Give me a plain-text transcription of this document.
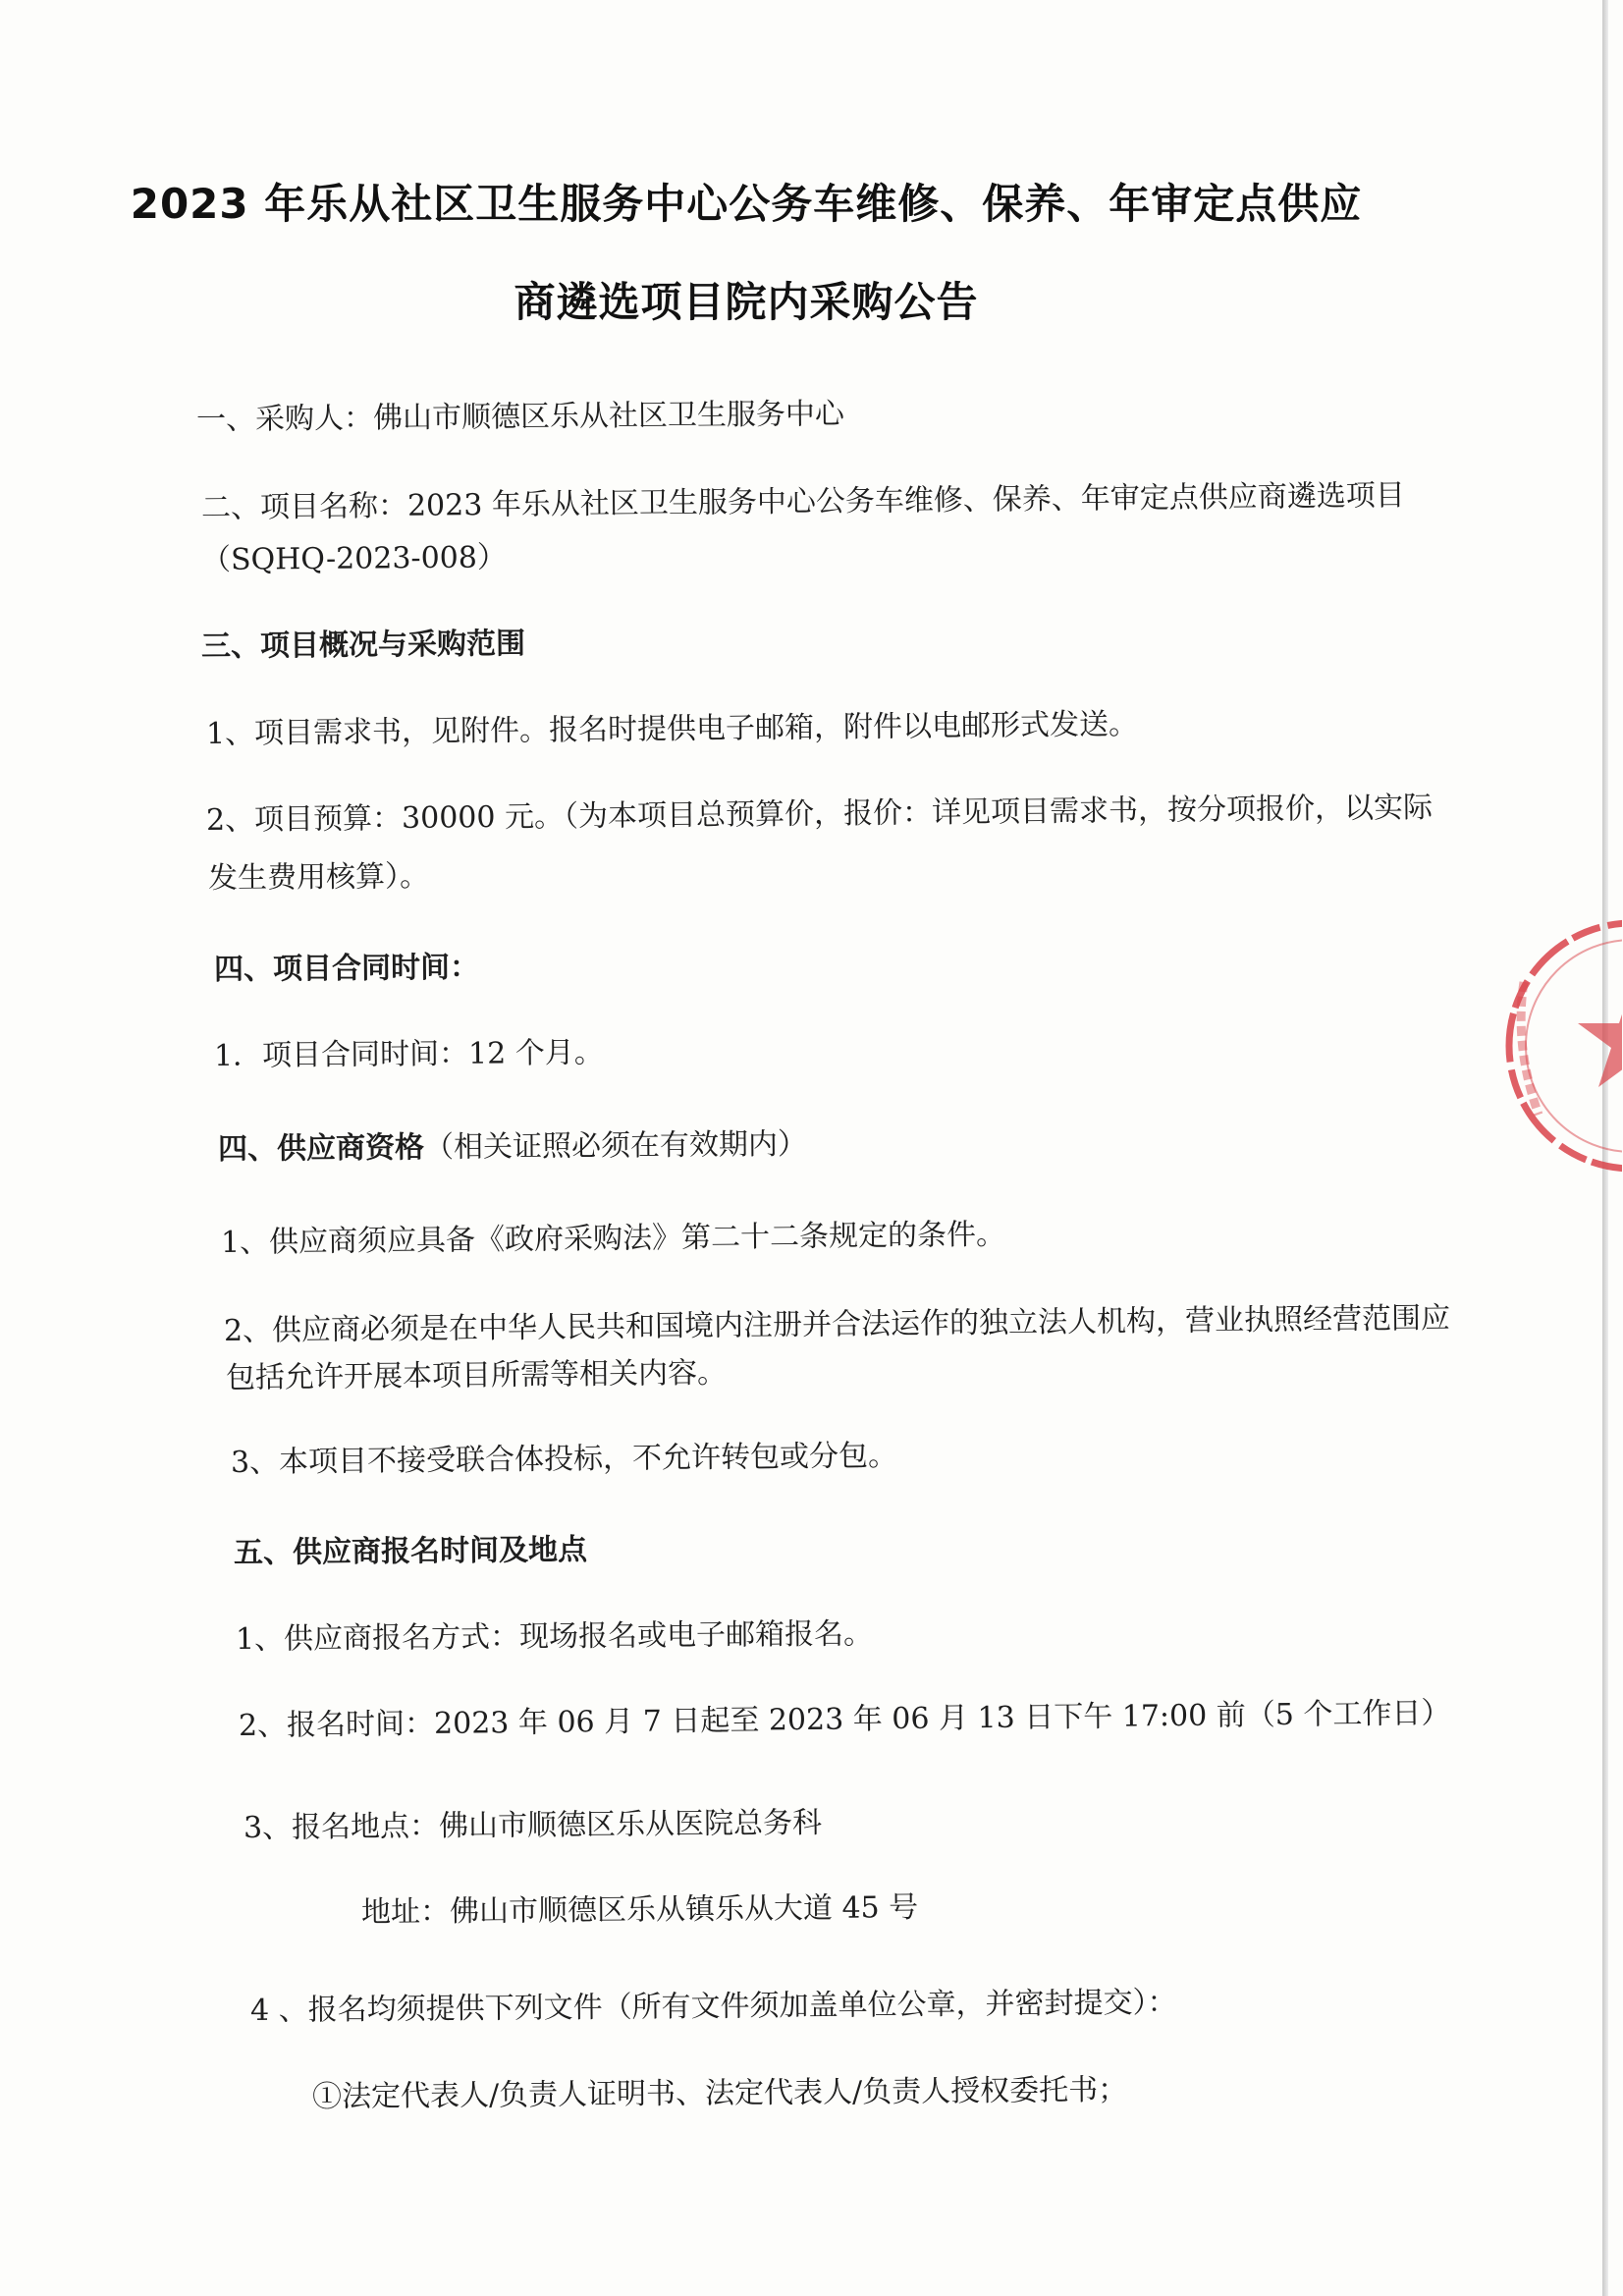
2023 年乐从社区卫生服务中心公务车维修、保养、年审定点供应
商遴选项目院内采购公告
一、采购人：佛山市顺德区乐从社区卫生服务中心
二、项目名称：2023 年乐从社区卫生服务中心公务车维修、保养、年审定点供应商遴选项目
（SQHQ-2023-008）
三、项目概况与采购范围
1、项目需求书，见附件。报名时提供电子邮箱，附件以电邮形式发送。
2、项目预算：30000 元。（为本项目总预算价，报价：详见项目需求书，按分项报价，以实际
发生费用核算）。
四、项目合同时间：
1．项目合同时间：12 个月。
四、供应商资格（相关证照必须在有效期内）
1、供应商须应具备《政府采购法》第二十二条规定的条件。
2、供应商必须是在中华人民共和国境内注册并合法运作的独立法人机构，营业执照经营范围应
包括允许开展本项目所需等相关内容。
3、本项目不接受联合体投标，不允许转包或分包。
五、供应商报名时间及地点
1、供应商报名方式：现场报名或电子邮箱报名。
2、报名时间：2023 年 06 月 7 日起至 2023 年 06 月 13 日下午 17:00 前（5 个工作日）
3、报名地点：佛山市顺德区乐从医院总务科
地址：佛山市顺德区乐从镇乐从大道 45 号
4 、报名均须提供下列文件（所有文件须加盖单位公章，并密封提交）：
①法定代表人/负责人证明书、法定代表人/负责人授权委托书；
